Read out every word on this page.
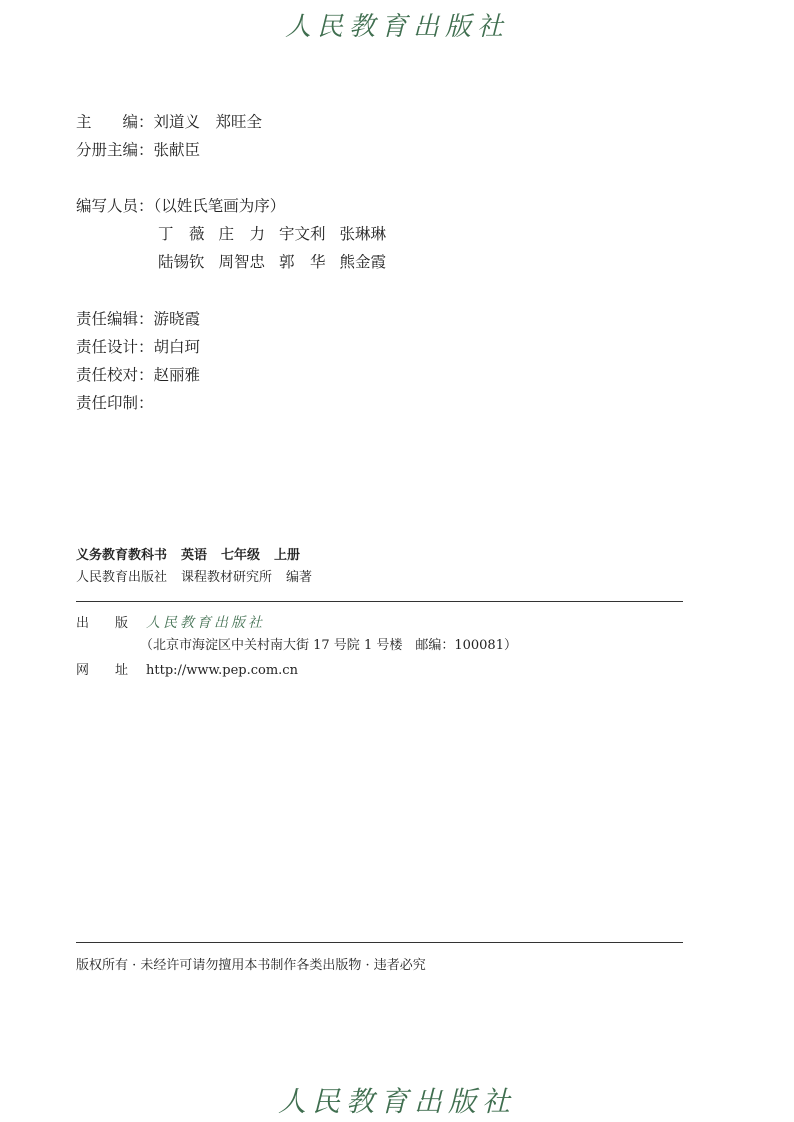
人民教育出版社
主　　编：刘道义　郑旺全
分册主编：张献臣
编写人员：（以姓氏笔画为序）
丁　薇 庄　力 宇文利 张琳琳
陆锡钦 周智忠 郭　华 熊金霞
责任编辑：游晓霞
责任设计：胡白珂
责任校对：赵丽雅
责任印制：
义务教育教科书 英语 七年级 上册
人民教育出版社 课程教材研究所 编著
出　　版 人民教育出版社
（北京市海淀区中关村南大街 17 号院 1 号楼　邮编：100081）
网　　址 http://www.pep.com.cn
版权所有 · 未经许可请勿擅用本书制作各类出版物 · 违者必究
人民教育出版社
